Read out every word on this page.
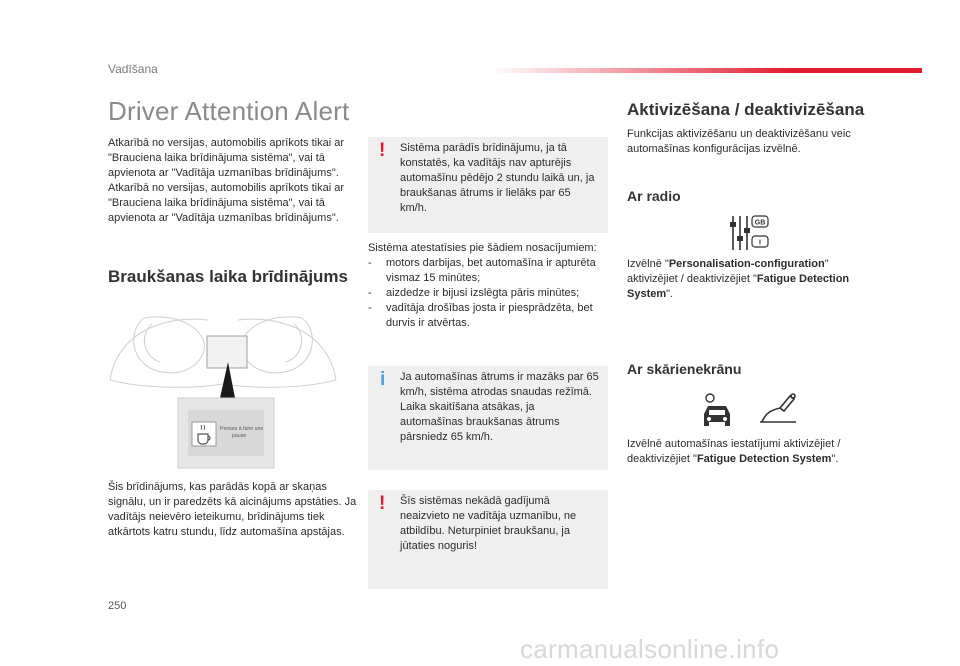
Vadīšana
Driver Attention Alert

Atkarībā no versijas, automobilis aprīkots tikai ar "Brauciena laika brīdinājuma sistēma", vai tā apvienota ar "Vadītāja uzmanības brīdinājums". Atkarībā no versijas, automobilis aprīkots tikai ar "Brauciena laika brīdinājuma sistēma", vai tā apvienota ar "Vadītāja uzmanības brīdinājums".

Braukšanas laika brīdinājums
Pensez à faire une
pause

Šis brīdinājums, kas parādās kopā ar skaņas signālu, un ir paredzēts kā aicinājums apstāties. Ja vadītājs neievēro ieteikumu, brīdinājums tiek atkārtots katru stundu, līdz automašīna apstājas.

! Sistēma parādīs brīdinājumu, ja tā konstatēs, ka vadītājs nav apturējis automašīnu pēdējo 2 stundu laikā un, ja braukšanas ātrums ir lielāks par 65 km/h.

Sistēma atestatīsies pie šādiem nosacījumiem:

-	motors darbijas, bet automašīna ir apturēta vismaz 15 minūtes;
-	aizdedze ir bijusi izslēgta pāris minūtes;
-	vadītāja drošības josta ir piesprādzēta, bet durvis ir atvērtas.
i Ja automašīnas ātrums ir mazāks par 65 km/h, sistēma atrodas snaudas režīmā. Laika skaitīšana atsākas, ja automašīnas braukšanas ātrums pārsniedz 65 km/h.

! Šīs sistēmas nekādā gadījumā neaizvieto ne vadītāja uzmanību, ne atbildību. Neturpiniet braukšanu, ja jūtaties noguris!

Aktivizēšana / deaktivizēšana

Funkcijas aktivizēšanu un deaktivizēšanu veic automašīnas konfigurācijas izvēlnē.

Ar radio
GB
I

Izvēlnē "Personalisation-configuration" aktivizējiet / deaktivizējiet "Fatigue Detection System".

Ar skārienekrānu

Izvēlnē automašīnas iestatījumi aktivizējiet / deaktivizējiet "Fatigue Detection System".

250
carmanualsonline.info
